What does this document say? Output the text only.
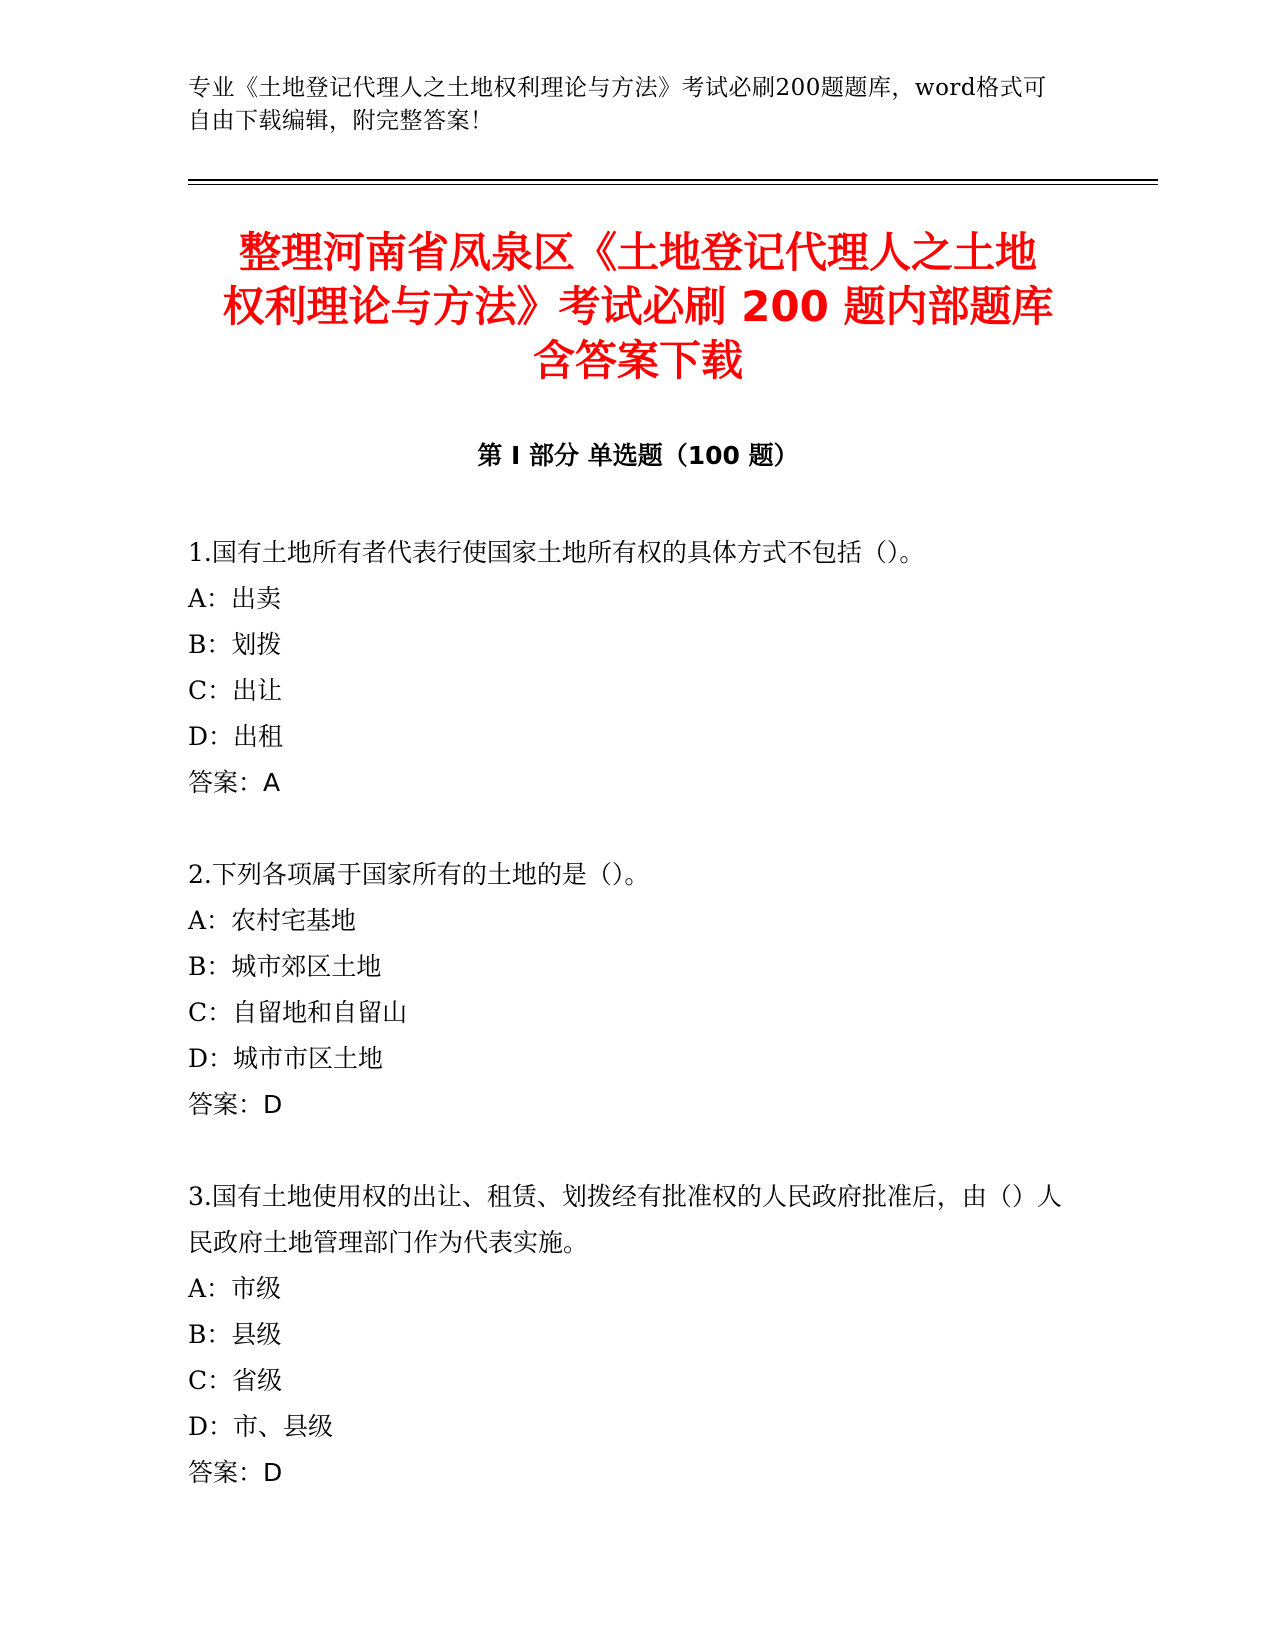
专业《土地登记代理人之土地权利理论与方法》考试必刷200题题库，word格式可自由下载编辑，附完整答案！
整理河南省凤泉区《土地登记代理人之土地
权利理论与方法》考试必刷 200 题内部题库
含答案下载
第 I 部分 单选题（100 题）

1.国有土地所有者代表行使国家土地所有权的具体方式不包括（）。

A：出卖

B：划拨

C：出让

D：出租

答案：A

2.下列各项属于国家所有的土地的是（）。

A：农村宅基地

B：城市郊区土地

C：自留地和自留山

D：城市市区土地

答案：D

3.国有土地使用权的出让、租赁、划拨经有批准权的人民政府批准后，由（）人民政府土地管理部门作为代表实施。

A：市级

B：县级

C：省级

D：市、县级

答案：D
